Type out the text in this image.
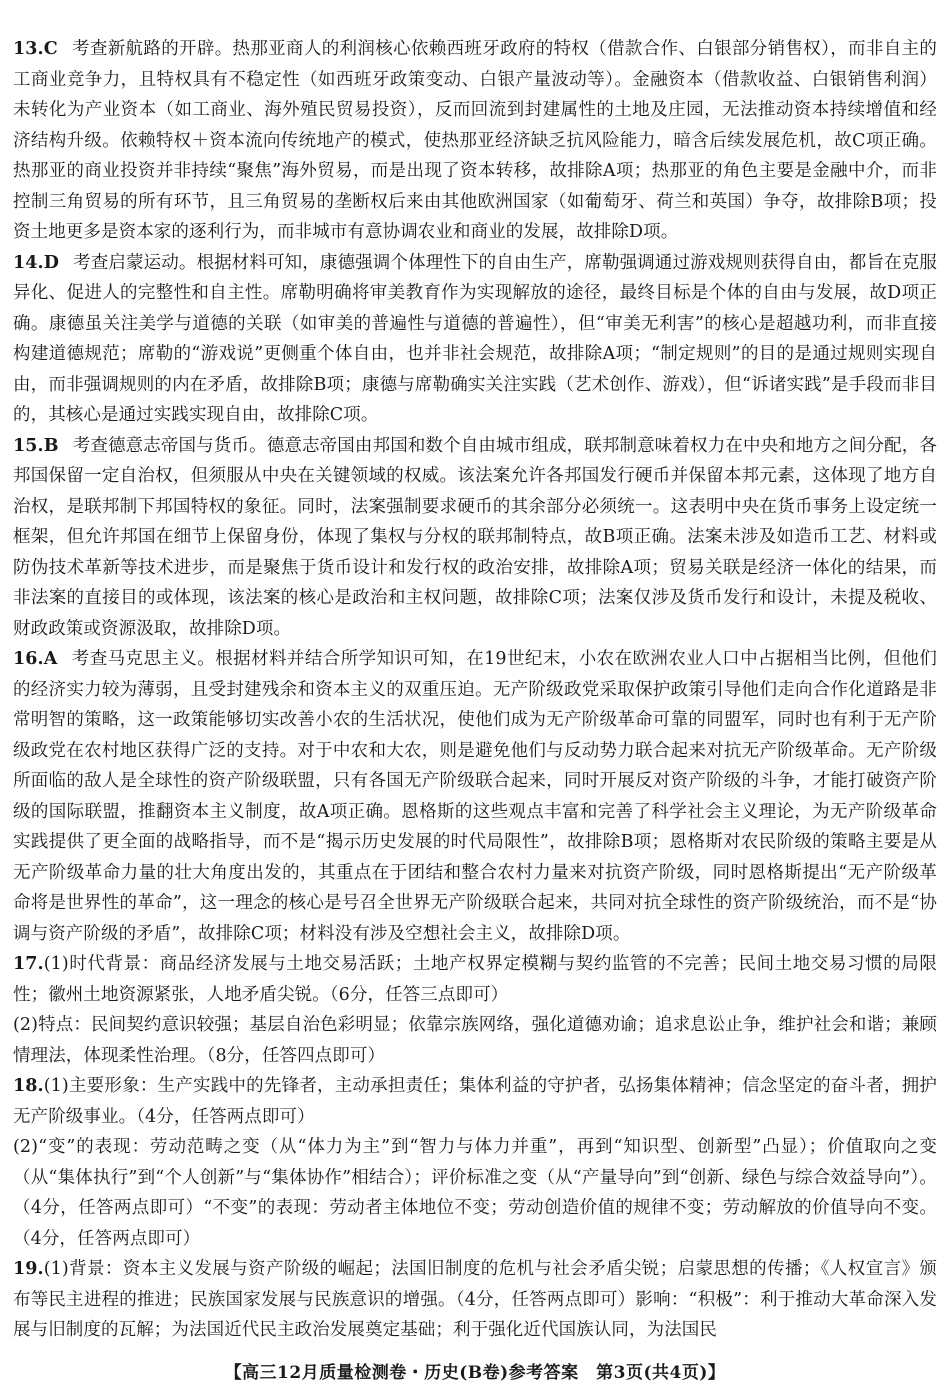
13.C 考查新航路的开辟。热那亚商人的利润核心依赖西班牙政府的特权（借款合作、白银部分销售权），而非自主的工商业竞争力，且特权具有不稳定性（如西班牙政策变动、白银产量波动等）。金融资本（借款收益、白银销售利润）未转化为产业资本（如工商业、海外殖民贸易投资），反而回流到封建属性的土地及庄园，无法推动资本持续增值和经济结构升级。依赖特权＋资本流向传统地产的模式，使热那亚经济缺乏抗风险能力，暗含后续发展危机，故C项正确。热那亚的商业投资并非持续“聚焦”海外贸易，而是出现了资本转移，故排除A项；热那亚的角色主要是金融中介，而非控制三角贸易的所有环节，且三角贸易的垄断权后来由其他欧洲国家（如葡萄牙、荷兰和英国）争夺，故排除B项；投资土地更多是资本家的逐利行为，而非城市有意协调农业和商业的发展，故排除D项。

14.D 考查启蒙运动。根据材料可知，康德强调个体理性下的自由生产，席勒强调通过游戏规则获得自由，都旨在克服异化、促进人的完整性和自主性。席勒明确将审美教育作为实现解放的途径，最终目标是个体的自由与发展，故D项正确。康德虽关注美学与道德的关联（如审美的普遍性与道德的普遍性），但“审美无利害”的核心是超越功利，而非直接构建道德规范；席勒的“游戏说”更侧重个体自由，也并非社会规范，故排除A项；“制定规则”的目的是通过规则实现自由，而非强调规则的内在矛盾，故排除B项；康德与席勒确实关注实践（艺术创作、游戏），但“诉诸实践”是手段而非目的，其核心是通过实践实现自由，故排除C项。

15.B 考查德意志帝国与货币。德意志帝国由邦国和数个自由城市组成，联邦制意味着权力在中央和地方之间分配，各邦国保留一定自治权，但须服从中央在关键领域的权威。该法案允许各邦国发行硬币并保留本邦元素，这体现了地方自治权，是联邦制下邦国特权的象征。同时，法案强制要求硬币的其余部分必须统一。这表明中央在货币事务上设定统一框架，但允许邦国在细节上保留身份，体现了集权与分权的联邦制特点，故B项正确。法案未涉及如造币工艺、材料或防伪技术革新等技术进步，而是聚焦于货币设计和发行权的政治安排，故排除A项；贸易关联是经济一体化的结果，而非法案的直接目的或体现，该法案的核心是政治和主权问题，故排除C项；法案仅涉及货币发行和设计，未提及税收、财政政策或资源汲取，故排除D项。

16.A 考查马克思主义。根据材料并结合所学知识可知，在19世纪末，小农在欧洲农业人口中占据相当比例，但他们的经济实力较为薄弱，且受封建残余和资本主义的双重压迫。无产阶级政党采取保护政策引导他们走向合作化道路是非常明智的策略，这一政策能够切实改善小农的生活状况，使他们成为无产阶级革命可靠的同盟军，同时也有利于无产阶级政党在农村地区获得广泛的支持。对于中农和大农，则是避免他们与反动势力联合起来对抗无产阶级革命。无产阶级所面临的敌人是全球性的资产阶级联盟，只有各国无产阶级联合起来，同时开展反对资产阶级的斗争，才能打破资产阶级的国际联盟，推翻资本主义制度，故A项正确。恩格斯的这些观点丰富和完善了科学社会主义理论，为无产阶级革命实践提供了更全面的战略指导，而不是“揭示历史发展的时代局限性”，故排除B项；恩格斯对农民阶级的策略主要是从无产阶级革命力量的壮大角度出发的，其重点在于团结和整合农村力量来对抗资产阶级，同时恩格斯提出“无产阶级革命将是世界性的革命”，这一理念的核心是号召全世界无产阶级联合起来，共同对抗全球性的资产阶级统治，而不是“协调与资产阶级的矛盾”，故排除C项；材料没有涉及空想社会主义，故排除D项。

17.(1)时代背景：商品经济发展与土地交易活跃；土地产权界定模糊与契约监管的不完善；民间土地交易习惯的局限性；徽州土地资源紧张，人地矛盾尖锐。（6分，任答三点即可）

(2)特点：民间契约意识较强；基层自治色彩明显；依靠宗族网络，强化道德劝谕；追求息讼止争，维护社会和谐；兼顾情理法，体现柔性治理。（8分，任答四点即可）

18.(1)主要形象：生产实践中的先锋者，主动承担责任；集体利益的守护者，弘扬集体精神；信念坚定的奋斗者，拥护无产阶级事业。（4分，任答两点即可）

(2)“变”的表现：劳动范畴之变（从“体力为主”到“智力与体力并重”，再到“知识型、创新型”凸显）；价值取向之变（从“集体执行”到“个人创新”与“集体协作”相结合）；评价标准之变（从“产量导向”到“创新、绿色与综合效益导向”）。（4分，任答两点即可）“不变”的表现：劳动者主体地位不变；劳动创造价值的规律不变；劳动解放的价值导向不变。（4分，任答两点即可）

19.(1)背景：资本主义发展与资产阶级的崛起；法国旧制度的危机与社会矛盾尖锐；启蒙思想的传播；《人权宣言》颁布等民主进程的推进；民族国家发展与民族意识的增强。（4分，任答两点即可）影响：“积极”：利于推动大革命深入发展与旧制度的瓦解；为法国近代民主政治发展奠定基础；利于强化近代国族认同，为法国民

【高三12月质量检测卷・历史(B卷)参考答案　第3页(共4页)】
